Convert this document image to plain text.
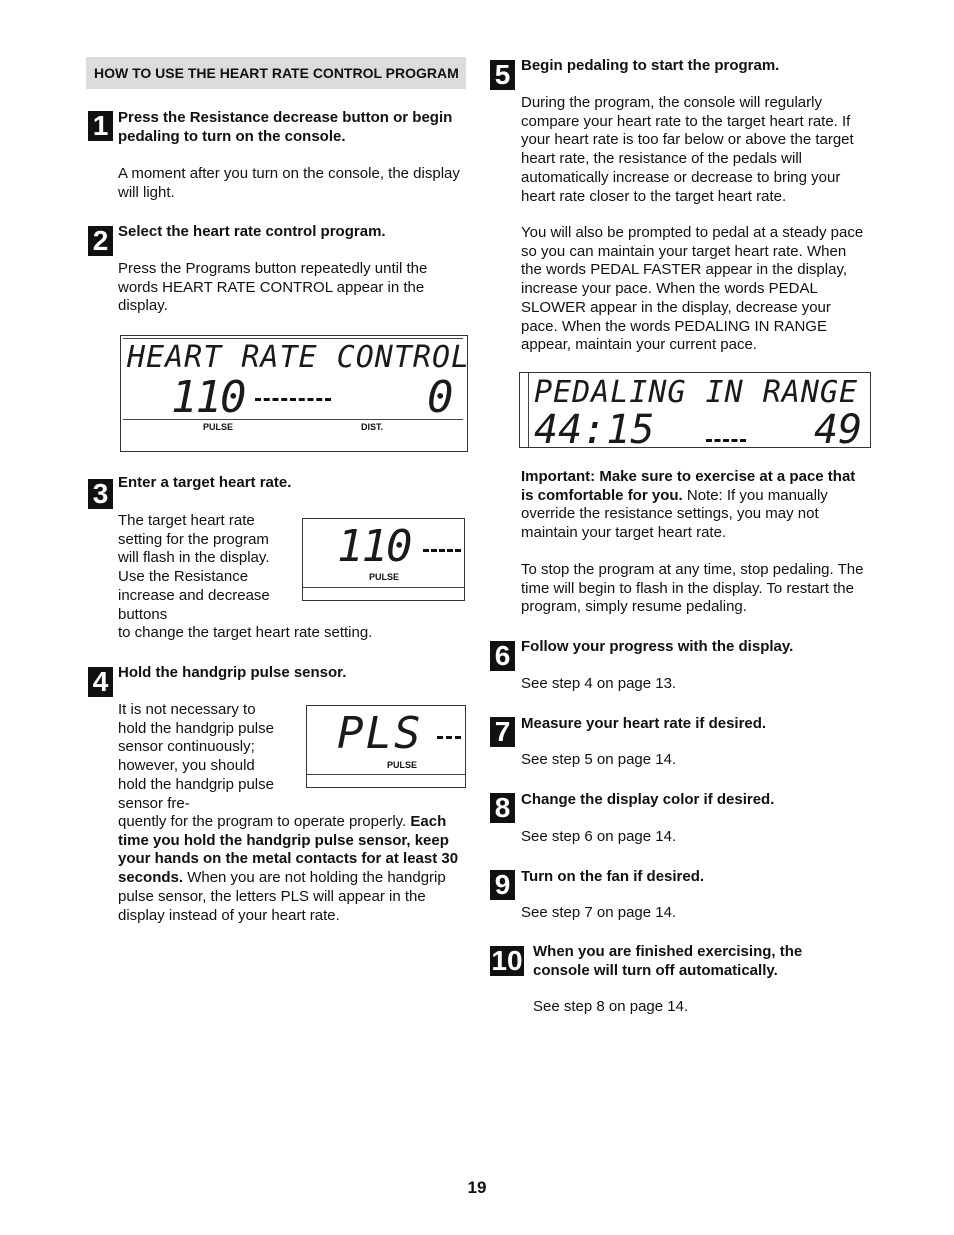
HOW TO USE THE HEART RATE CONTROL PROGRAM
1 Press the Resistance decrease button or begin pedaling to turn on the console.
A moment after you turn on the console, the display will light.
2 Select the heart rate control program.
Press the Programs button repeatedly until the words HEART RATE CONTROL appear in the display.
HEART RATE CONTROL
110	0
PULSE	DIST.
3 Enter a target heart rate.
The target heart rate setting for the program will flash in the display. Use the Resistance increase and decrease buttons
to change the target heart rate setting.
110
PULSE
4 Hold the handgrip pulse sensor.
It is not necessary to hold the handgrip pulse sensor continuously; however, you should hold the handgrip pulse sensor fre-
quently for the program to operate properly. Each time you hold the handgrip pulse sensor, keep your hands on the metal contacts for at least 30 seconds. When you are not holding the handgrip pulse sensor, the letters PLS will appear in the display instead of your heart rate.
PLS
PULSE
5 Begin pedaling to start the program.
During the program, the console will regularly compare your heart rate to the target heart rate. If your heart rate is too far below or above the target heart rate, the resistance of the pedals will automatically increase or decrease to bring your heart rate closer to the target heart rate.
You will also be prompted to pedal at a steady pace so you can maintain your target heart rate. When the words PEDAL FASTER appear in the display, increase your pace. When the words PEDAL SLOWER appear in the display, decrease your pace. When the words PEDALING IN RANGE appear, maintain your current pace.
PEDALING IN RANGE
44:15	49
Important: Make sure to exercise at a pace that is comfortable for you. Note: If you manually override the resistance settings, you may not maintain your target heart rate.
To stop the program at any time, stop pedaling. The time will begin to flash in the display. To restart the program, simply resume pedaling.
6 Follow your progress with the display.
See step 4 on page 13.
7 Measure your heart rate if desired.
See step 5 on page 14.
8 Change the display color if desired.
See step 6 on page 14.
9 Turn on the fan if desired.
See step 7 on page 14.
10 When you are finished exercising, the console will turn off automatically.
See step 8 on page 14.
19
